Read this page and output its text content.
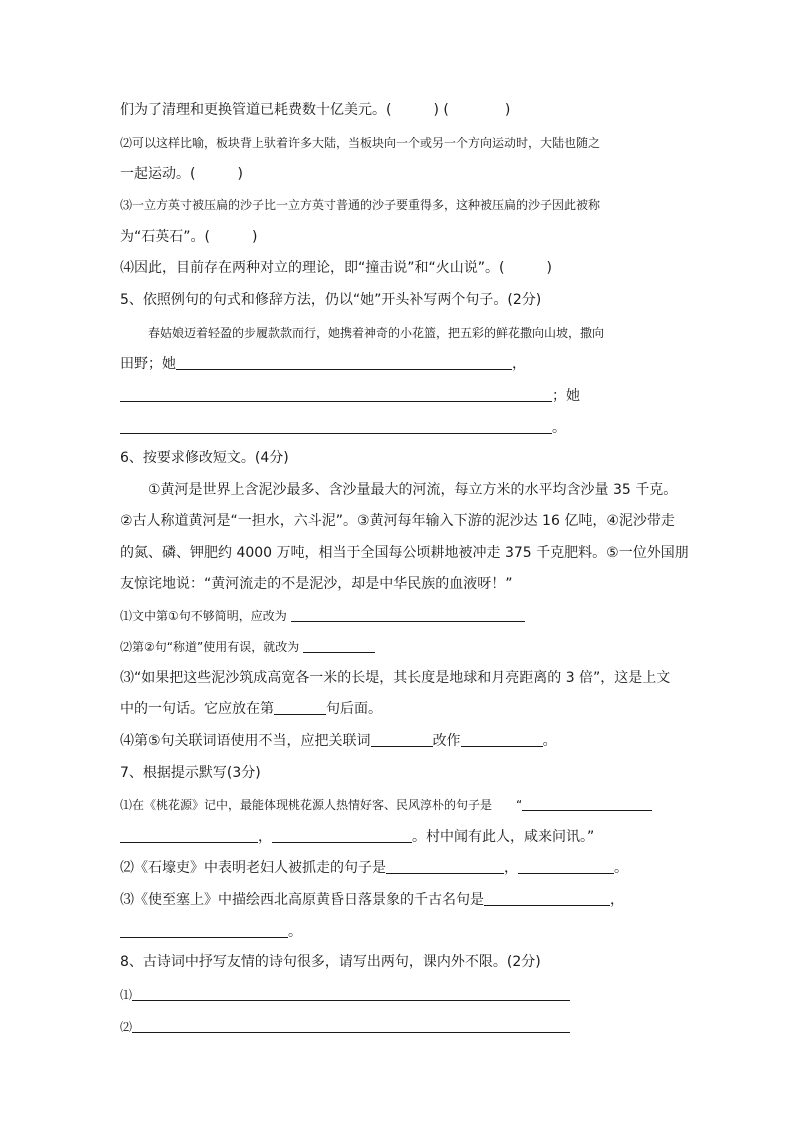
们为了清理和更换管道已耗费数十亿美元。(　　　) (　　　　)
⑵可以这样比喻，板块背上驮着许多大陆，当板块向一个或另一个方向运动时，大陆也随之
一起运动。(　　　)
⑶一立方英寸被压扁的沙子比一立方英寸普通的沙子要重得多，这种被压扁的沙子因此被称
为“石英石”。(　　　)
⑷因此，目前存在两种对立的理论，即“撞击说”和“火山说”。(　　　)
5、依照例句的句式和修辞方法，仍以“她”开头补写两个句子。(2分)
春姑娘迈着轻盈的步履款款而行，她携着神奇的小花篮，把五彩的鲜花撒向山坡，撒向
田野；她	，
；她
。
6、按要求修改短文。(4分)
①黄河是世界上含泥沙最多、含沙量最大的河流，每立方米的水平均含沙量 35 千克。
②古人称道黄河是“一担水，六斗泥”。③黄河每年输入下游的泥沙达 16 亿吨，④泥沙带走
的氮、磷、钾肥约 4000 万吨，相当于全国每公顷耕地被冲走 375 千克肥料。⑤一位外国朋
友惊诧地说：“黄河流走的不是泥沙，却是中华民族的血液呀！”
⑴文中第①句不够简明，应改为
⑵第②句“称道”使用有误，就改为
⑶“如果把这些泥沙筑成高宽各一米的长堤，其长度是地球和月亮距离的 3 倍”，这是上文
中的一句话。它应放在第	句后面。
⑷第⑤句关联词语使用不当，应把关联词	改作	。
7、根据提示默写(3分)
⑴在《桃花源》记中，最能体现桃花源人热情好客、民风淳朴的句子是　　 “
，	。村中闻有此人，咸来问讯。”
⑵《石壕吏》中表明老妇人被抓走的句子是	，	。
⑶《使至塞上》中描绘西北高原黄昏日落景象的千古名句是	，
。
8、古诗词中抒写友情的诗句很多，请写出两句，课内外不限。(2分)
⑴
⑵
